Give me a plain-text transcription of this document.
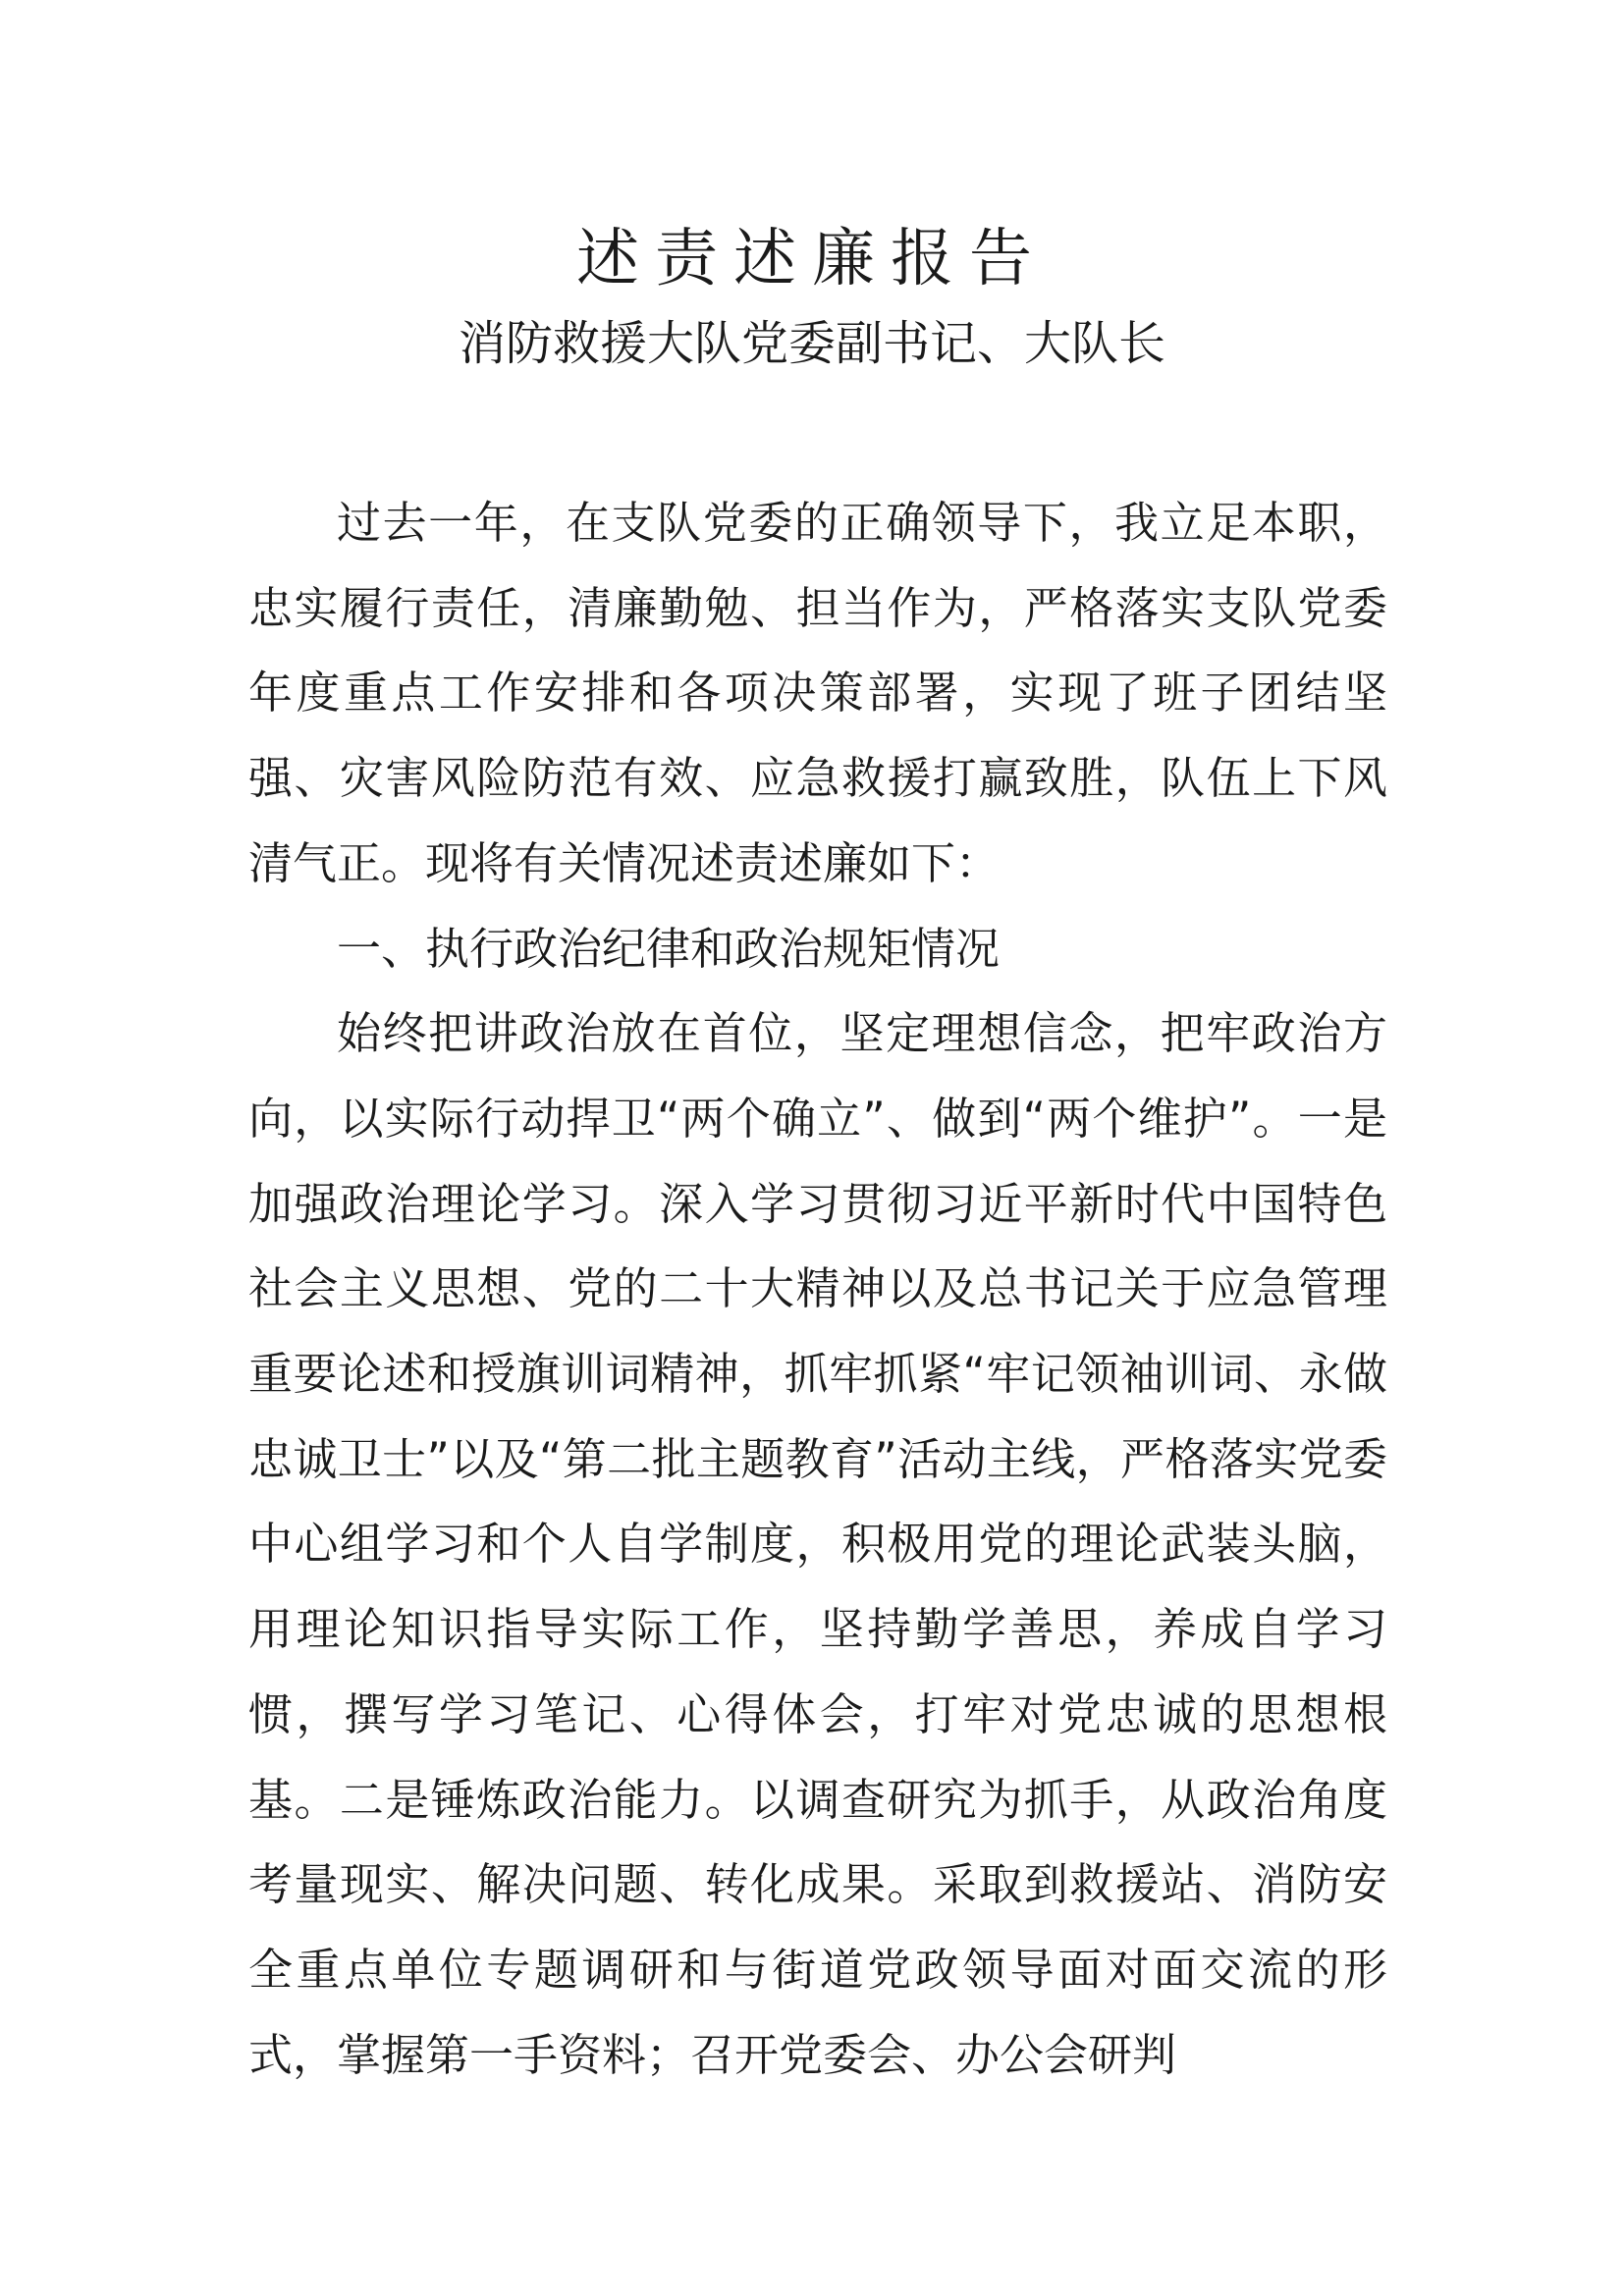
述责述廉报告
消防救援大队党委副书记、大队长

过去一年，在支队党委的正确领导下，我立足本职，忠实履行责任，清廉勤勉、担当作为，严格落实支队党委年度重点工作安排和各项决策部署，实现了班子团结坚强、灾害风险防范有效、应急救援打赢致胜，队伍上下风清气正。现将有关情况述责述廉如下：

一、执行政治纪律和政治规矩情况

始终把讲政治放在首位，坚定理想信念，把牢政治方向，以实际行动捍卫“两个确立”、做到“两个维护”。一是加强政治理论学习。深入学习贯彻习近平新时代中国特色社会主义思想、党的二十大精神以及总书记关于应急管理重要论述和授旗训词精神，抓牢抓紧“牢记领袖训词、永做忠诚卫士”以及“第二批主题教育”活动主线，严格落实党委中心组学习和个人自学制度，积极用党的理论武装头脑，用理论知识指导实际工作，坚持勤学善思，养成自学习惯，撰写学习笔记、心得体会，打牢对党忠诚的思想根基。二是锤炼政治能力。以调查研究为抓手，从政治角度考量现实、解决问题、转化成果。采取到救援站、消防安全重点单位专题调研和与街道党政领导面对面交流的形式，掌握第一手资料；召开党委会、办公会研判
